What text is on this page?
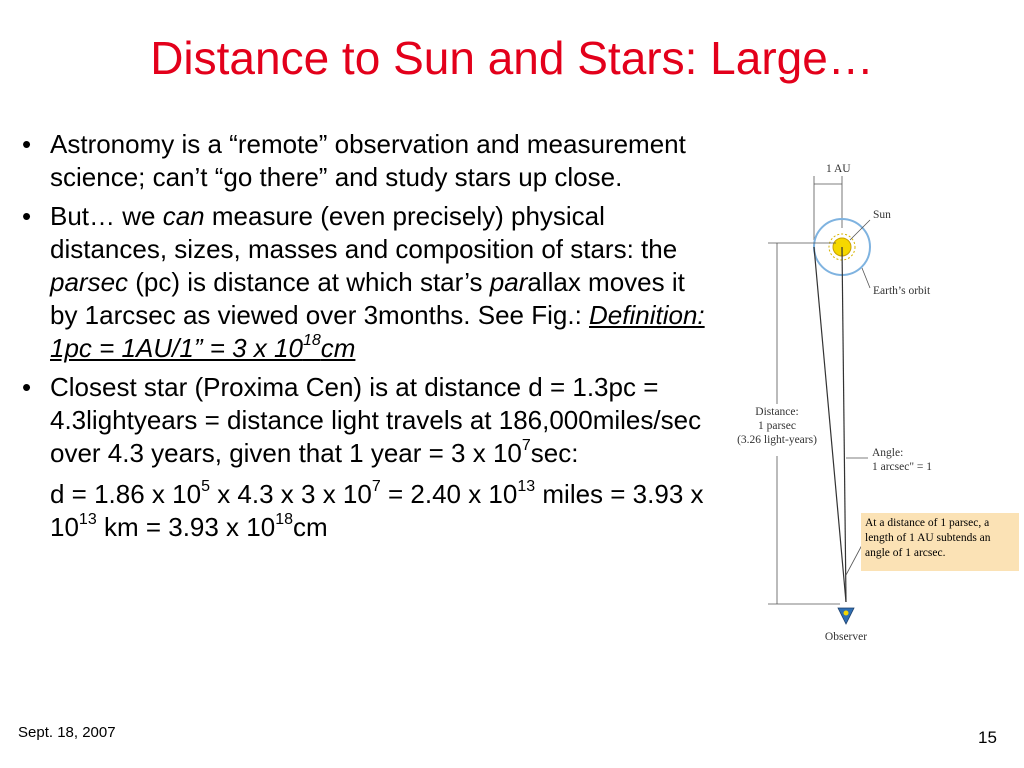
Distance to Sun and Stars: Large…
• Astronomy is a “remote” observation and measurement science; can’t “go there” and study stars up close.
• But… we can measure (even precisely) physical distances, sizes, masses and composition of stars: the parsec (pc) is distance at which star’s parallax moves it by 1arcsec as viewed over 3months. See Fig.: Definition: 1pc = 1AU/1” = 3 x $10^{18}cm$
• Closest star (Proxima Cen) is at distance d = 1.3pc = 4.3lightyears = distance light travels at 186,000miles/sec over 4.3 years, given that 1 year = 3 x $10^7\sec$:
d = 1.86 x $10^5$ x 4.3 x 3 x $10^7 = 2.40$ x $10^{13}$ miles = 3.93 x $10^{13}$ km = 3.93 x $10^{18}cm$
1 AU
Sun
Earth’s orbit
Distance:
1 parsec
(3.26 light-years)
Angle:
1 arcsec" = 1
Observer
At a distance of 1 parsec, a length of 1 AU subtends an angle of 1 arcsec.
Sept. 18, 2007	15
